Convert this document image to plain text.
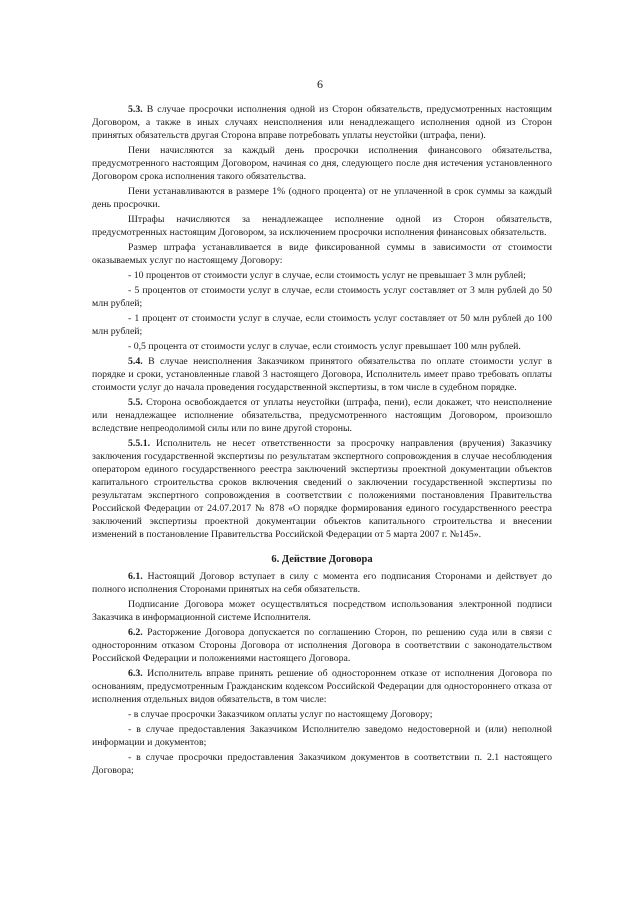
6

5.3. В случае просрочки исполнения одной из Сторон обязательств, предусмотренных настоящим Договором, а также в иных случаях неисполнения или ненадлежащего исполнения одной из Сторон принятых обязательств другая Сторона вправе потребовать уплаты неустойки (штрафа, пени).

Пени начисляются за каждый день просрочки исполнения финансового обязательства, предусмотренного настоящим Договором, начиная со дня, следующего после дня истечения установленного Договором срока исполнения такого обязательства.

Пени устанавливаются в размере 1% (одного процента) от не уплаченной в срок суммы за каждый день просрочки.

Штрафы начисляются за ненадлежащее исполнение одной из Сторон обязательств, предусмотренных настоящим Договором, за исключением просрочки исполнения финансовых обязательств.

Размер штрафа устанавливается в виде фиксированной суммы в зависимости от стоимости оказываемых услуг по настоящему Договору:

- 10 процентов от стоимости услуг в случае, если стоимость услуг не превышает 3 млн рублей;

- 5 процентов от стоимости услуг в случае, если стоимость услуг составляет от 3 млн рублей до 50 млн рублей;

- 1 процент от стоимости услуг в случае, если стоимость услуг составляет от 50 млн рублей до 100 млн рублей;

- 0,5 процента от стоимости услуг в случае, если стоимость услуг превышает 100 млн рублей.

5.4. В случае неисполнения Заказчиком принятого обязательства по оплате стоимости услуг в порядке и сроки, установленные главой 3 настоящего Договора, Исполнитель имеет право требовать оплаты стоимости услуг до начала проведения государственной экспертизы, в том числе в судебном порядке.

5.5. Сторона освобождается от уплаты неустойки (штрафа, пени), если докажет, что неисполнение или ненадлежащее исполнение обязательства, предусмотренного настоящим Договором, произошло вследствие непреодолимой силы или по вине другой стороны.

5.5.1. Исполнитель не несет ответственности за просрочку направления (вручения) Заказчику заключения государственной экспертизы по результатам экспертного сопровождения в случае несоблюдения оператором единого государственного реестра заключений экспертизы проектной документации объектов капитального строительства сроков включения сведений о заключении государственной экспертизы по результатам экспертного сопровождения в соответствии с положениями постановления Правительства Российской Федерации от 24.07.2017 № 878 «О порядке формирования единого государственного реестра заключений экспертизы проектной документации объектов капитального строительства и внесении изменений в постановление Правительства Российской Федерации от 5 марта 2007 г. №145».

6. Действие Договора

6.1. Настоящий Договор вступает в силу с момента его подписания Сторонами и действует до полного исполнения Сторонами принятых на себя обязательств.

Подписание Договора может осуществляться посредством использования электронной подписи Заказчика в информационной системе Исполнителя.

6.2. Расторжение Договора допускается по соглашению Сторон, по решению суда или в связи с односторонним отказом Стороны Договора от исполнения Договора в соответствии с законодательством Российской Федерации и положениями настоящего Договора.

6.3. Исполнитель вправе принять решение об одностороннем отказе от исполнения Договора по основаниям, предусмотренным Гражданским кодексом Российской Федерации для одностороннего отказа от исполнения отдельных видов обязательств, в том числе:

- в случае просрочки Заказчиком оплаты услуг по настоящему Договору;

- в случае предоставления Заказчиком Исполнителю заведомо недостоверной и (или) неполной информации и документов;

- в случае просрочки предоставления Заказчиком документов в соответствии п. 2.1 настоящего Договора;
